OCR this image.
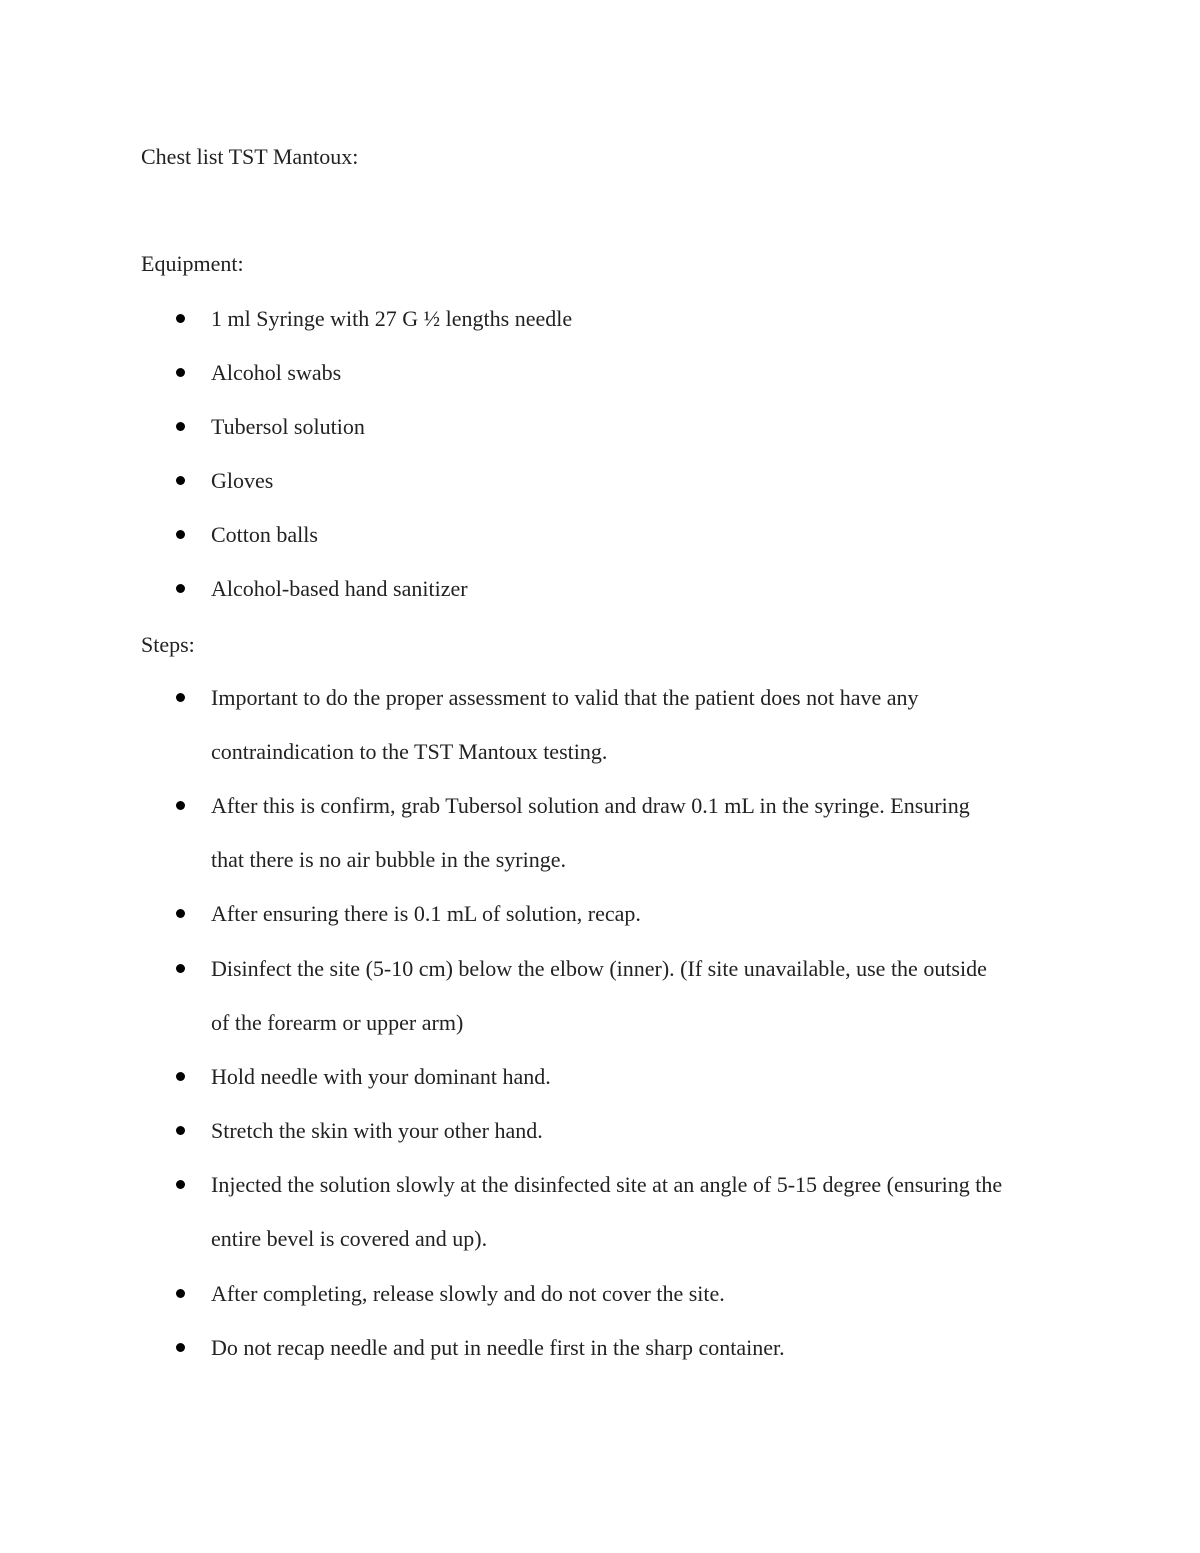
Chest list TST Mantoux:
Equipment:
1 ml Syringe with 27 G ½ lengths needle
Alcohol swabs
Tubersol solution
Gloves
Cotton balls
Alcohol-based hand sanitizer
Steps:
Important to do the proper assessment to valid that the patient does not have any
contraindication to the TST Mantoux testing.
After this is confirm, grab Tubersol solution and draw 0.1 mL in the syringe. Ensuring
that there is no air bubble in the syringe.
After ensuring there is 0.1 mL of solution, recap.
Disinfect the site (5-10 cm) below the elbow (inner). (If site unavailable, use the outside
of the forearm or upper arm)
Hold needle with your dominant hand.
Stretch the skin with your other hand.
Injected the solution slowly at the disinfected site at an angle of 5-15 degree (ensuring the
entire bevel is covered and up).
After completing, release slowly and do not cover the site.
Do not recap needle and put in needle first in the sharp container.
